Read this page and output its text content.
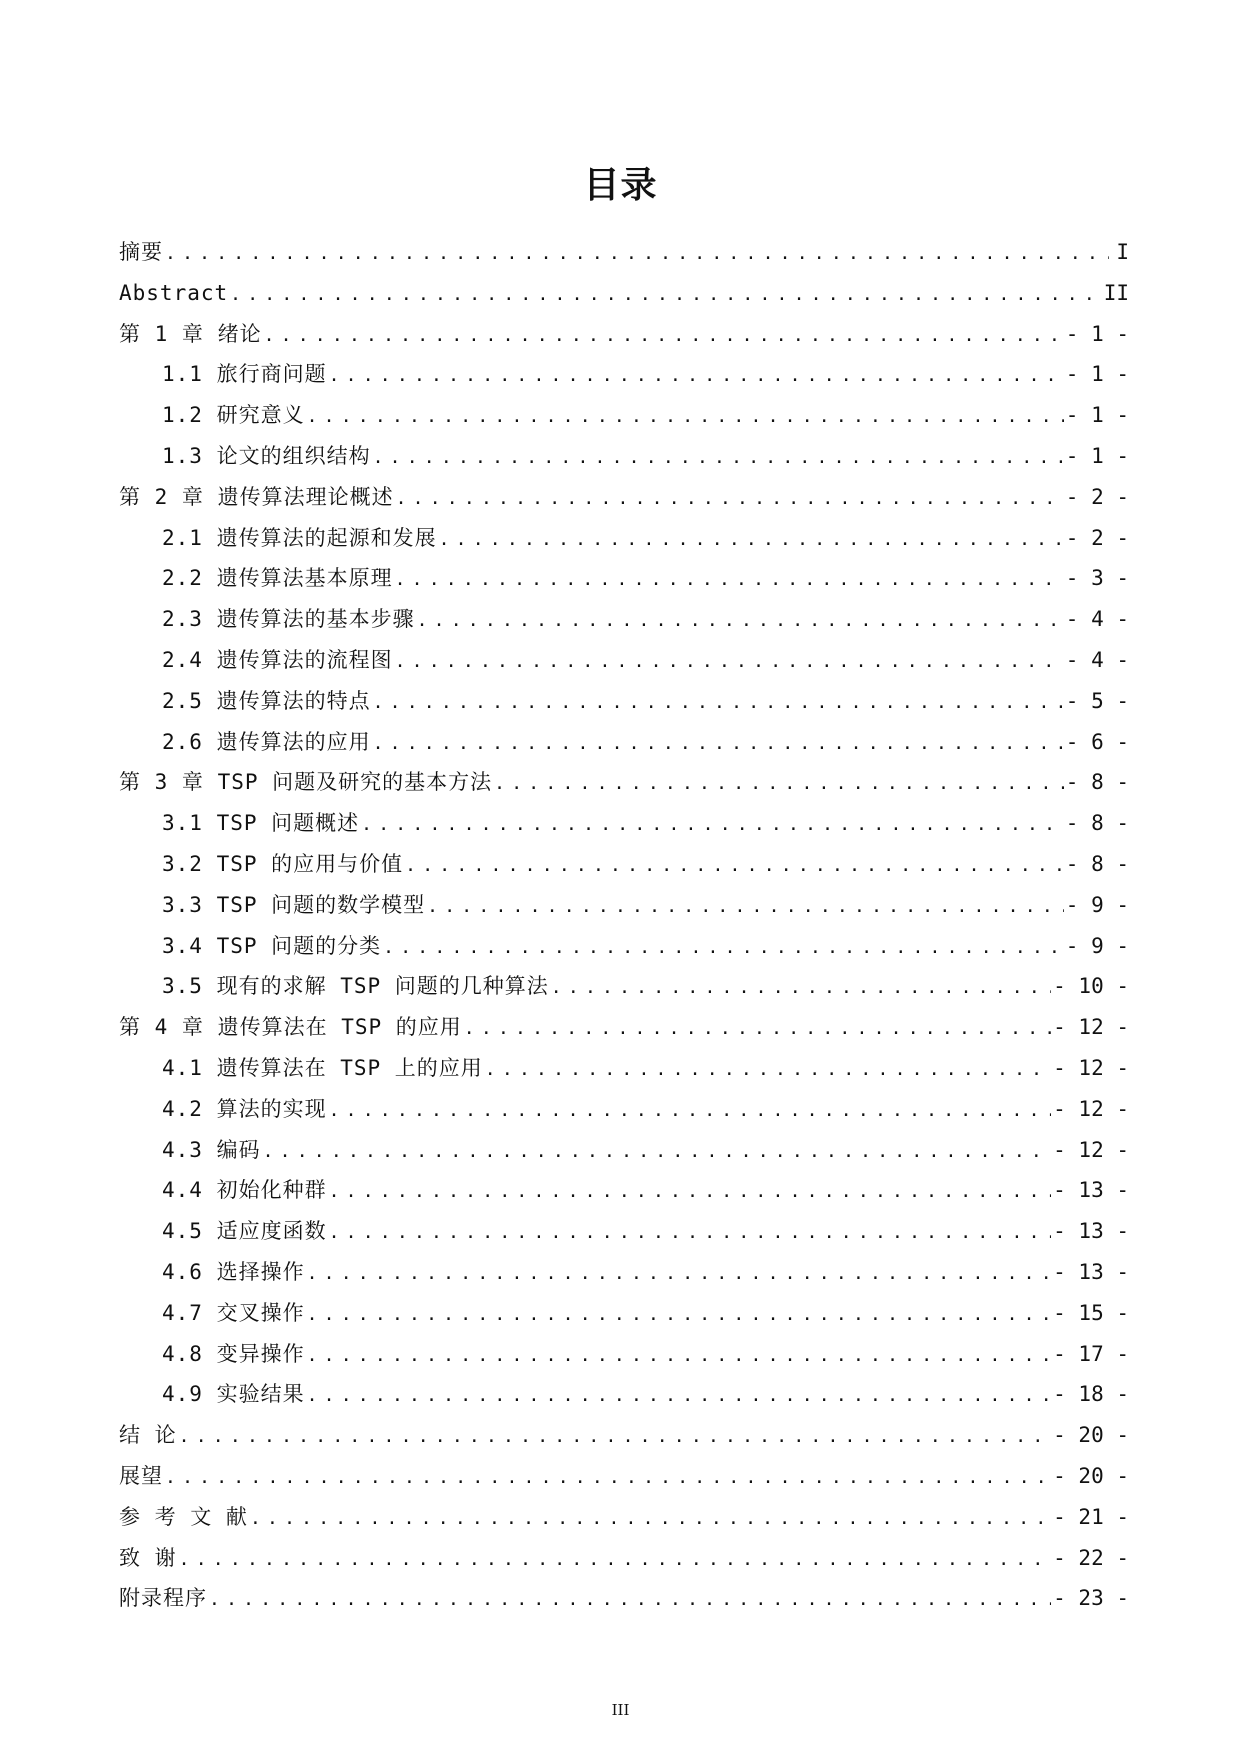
目录
摘要 . . .	I
Abstract . . .	II
第 1 章 绪论 . . .	- 1 -
1.1 旅行商问题 . . .	- 1 -
1.2 研究意义 . . .	- 1 -
1.3 论文的组织结构 . . .	- 1 -
第 2 章 遗传算法理论概述 . . .	- 2 -
2.1 遗传算法的起源和发展 . . .	- 2 -
2.2 遗传算法基本原理 . . .	- 3 -
2.3 遗传算法的基本步骤 . . .	- 4 -
2.4 遗传算法的流程图 . . .	- 4 -
2.5 遗传算法的特点 . . .	- 5 -
2.6 遗传算法的应用 . . .	- 6 -
第 3 章 TSP 问题及研究的基本方法 . . .	- 8 -
3.1 TSP 问题概述 . . .	- 8 -
3.2 TSP 的应用与价值 . . .	- 8 -
3.3 TSP 问题的数学模型 . . .	- 9 -
3.4 TSP 问题的分类 . . .	- 9 -
3.5 现有的求解 TSP 问题的几种算法 . . .	- 10 -
第 4 章 遗传算法在 TSP 的应用 . . .	- 12 -
4.1 遗传算法在 TSP 上的应用 . . .	- 12 -
4.2 算法的实现 . . .	- 12 -
4.3 编码 . . .	- 12 -
4.4 初始化种群 . . .	- 13 -
4.5 适应度函数 . . .	- 13 -
4.6 选择操作 . . .	- 13 -
4.7 交叉操作 . . .	- 15 -
4.8 变异操作 . . .	- 17 -
4.9 实验结果 . . .	- 18 -
结 论 . . .	- 20 -
展望 . . .	- 20 -
参 考 文 献 . . .	- 21 -
致 谢 . . .	- 22 -
附录程序 . . .	- 23 -
III
